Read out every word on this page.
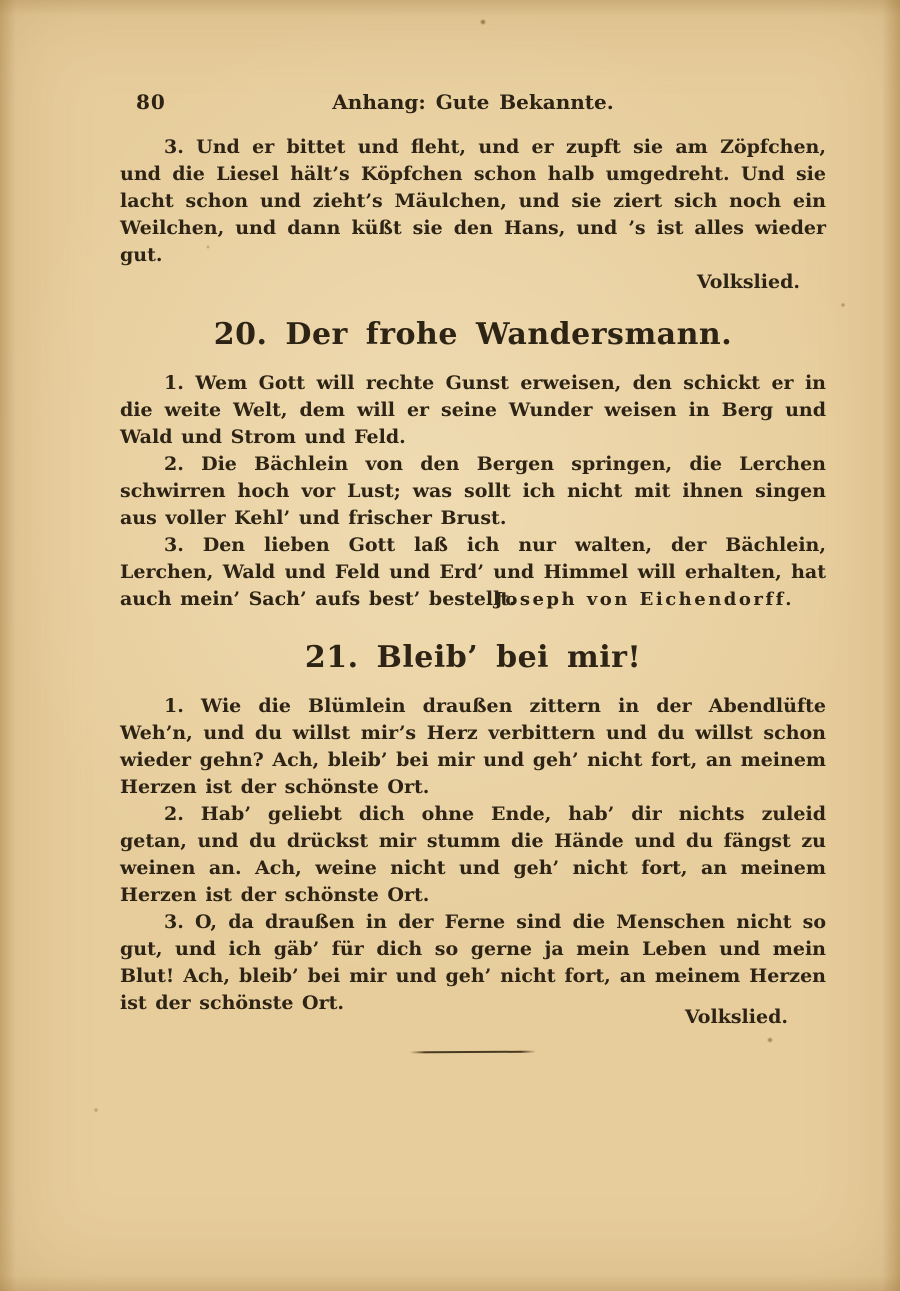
80	Anhang: Gute Bekannte.

3. Und er bittet und fleht, und er zupft sie am Zöpfchen, und die Liesel hält’s Köpfchen schon halb umgedreht. Und sie lacht schon und zieht’s Mäulchen, und sie ziert sich noch ein Weilchen, und dann küßt sie den Hans, und ’s ist alles wieder gut.

Volkslied.
20. Der frohe Wandersmann.

1. Wem Gott will rechte Gunst erweisen, den schickt er in die weite Welt, dem will er seine Wunder weisen in Berg und Wald und Strom und Feld.

2. Die Bächlein von den Bergen springen, die Lerchen schwirren hoch vor Lust; was sollt ich nicht mit ihnen singen aus voller Kehl’ und frischer Brust.

3. Den lieben Gott laß ich nur walten, der Bächlein, Lerchen, Wald und Feld und Erd’ und Himmel will erhalten, hat auch mein’ Sach’ aufs best’ bestellt.

Joseph von Eichendorff.
21. Bleib’ bei mir!

1. Wie die Blümlein draußen zittern in der Abendlüfte Weh’n, und du willst mir’s Herz verbittern und du willst schon wieder gehn? Ach, bleib’ bei mir und geh’ nicht fort, an meinem Herzen ist der schönste Ort.

2. Hab’ geliebt dich ohne Ende, hab’ dir nichts zuleid getan, und du drückst mir stumm die Hände und du fängst zu weinen an. Ach, weine nicht und geh’ nicht fort, an meinem Herzen ist der schönste Ort.

3. O, da draußen in der Ferne sind die Menschen nicht so gut, und ich gäb’ für dich so gerne ja mein Leben und mein Blut! Ach, bleib’ bei mir und geh’ nicht fort, an meinem Herzen ist der schönste Ort.

Volkslied.
